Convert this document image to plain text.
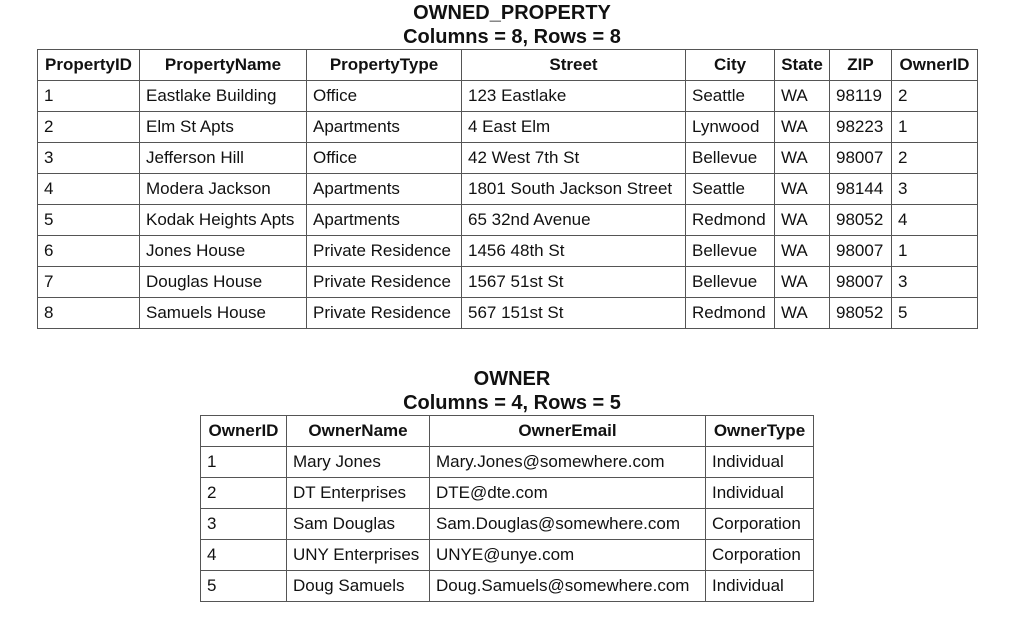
OWNED_PROPERTY
Columns = 8, Rows = 8
PropertyID	PropertyName	PropertyType	Street	City	State	ZIP	OwnerID
1	Eastlake Building	Office	123 Eastlake	Seattle	WA	98119	2
2	Elm St Apts	Apartments	4 East Elm	Lynwood	WA	98223	1
3	Jefferson Hill	Office	42 West 7th St	Bellevue	WA	98007	2
4	Modera Jackson	Apartments	1801 South Jackson Street	Seattle	WA	98144	3
5	Kodak Heights Apts	Apartments	65 32nd Avenue	Redmond	WA	98052	4
6	Jones House	Private Residence	1456 48th St	Bellevue	WA	98007	1
7	Douglas House	Private Residence	1567 51st St	Bellevue	WA	98007	3
8	Samuels House	Private Residence	567 151st St	Redmond	WA	98052	5
OWNER
Columns = 4, Rows = 5
OwnerID	OwnerName	OwnerEmail	OwnerType
1	Mary Jones	Mary.Jones@somewhere.com	Individual
2	DT Enterprises	DTE@dte.com	Individual
3	Sam Douglas	Sam.Douglas@somewhere.com	Corporation
4	UNY Enterprises	UNYE@unye.com	Corporation
5	Doug Samuels	Doug.Samuels@somewhere.com	Individual
